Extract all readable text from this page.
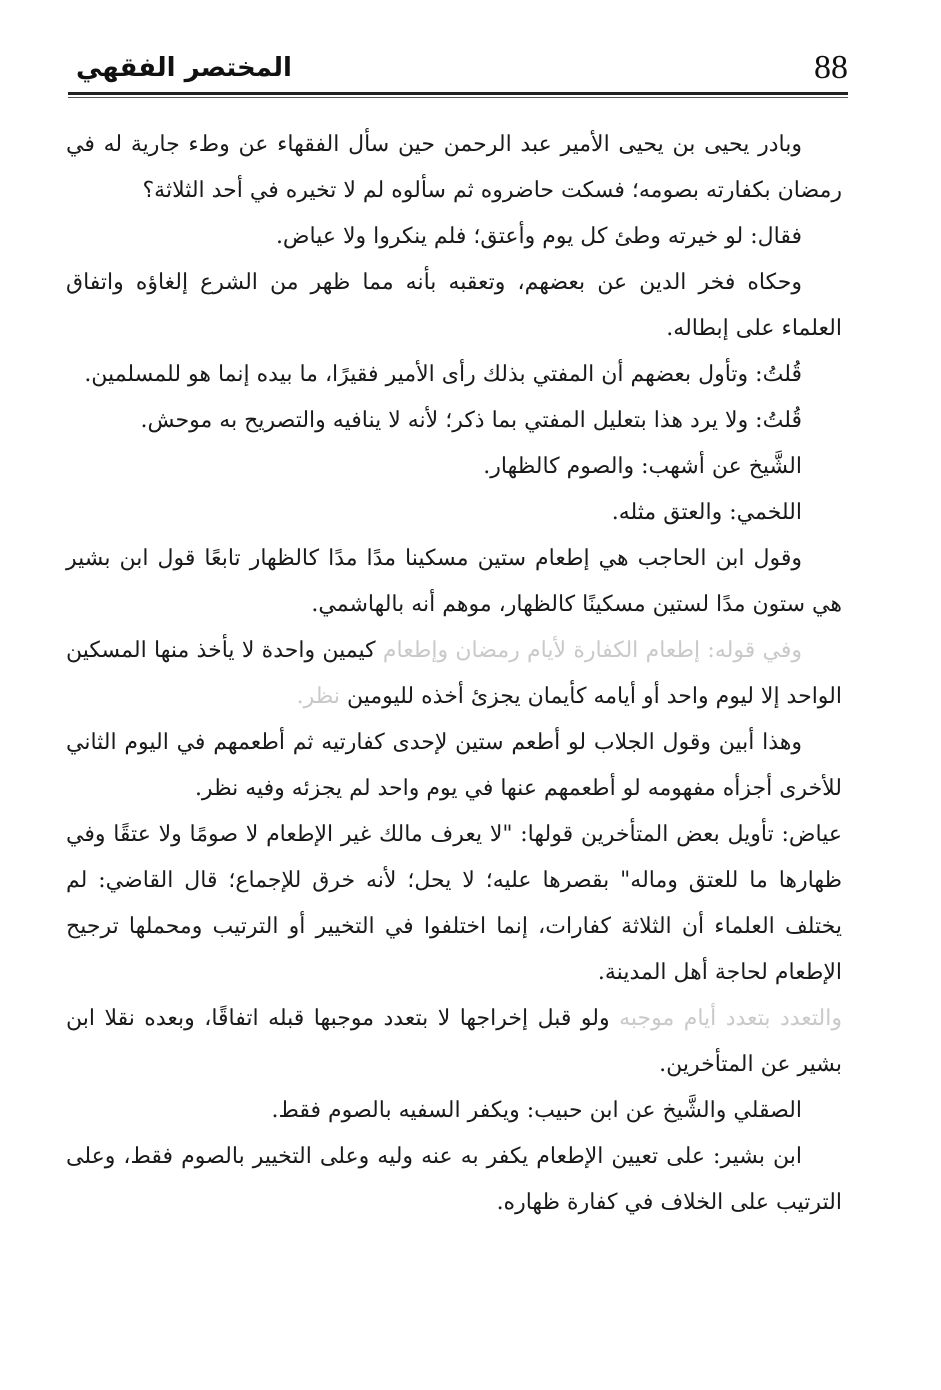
المختصر الفقهي	88

وبادر يحيى بن يحيى الأمير عبد الرحمن حين سأل الفقهاء عن وطء جارية له في رمضان بكفارته بصومه؛ فسكت حاضروه ثم سألوه لم لا تخيره في أحد الثلاثة؟

فقال: لو خيرته وطئ كل يوم وأعتق؛ فلم ينكروا ولا عياض.

وحكاه فخر الدين عن بعضهم، وتعقبه بأنه مما ظهر من الشرع إلغاؤه واتفاق العلماء على إبطاله.

قُلتُ: وتأول بعضهم أن المفتي بذلك رأى الأمير فقيرًا، ما بيده إنما هو للمسلمين.

قُلتُ: ولا يرد هذا بتعليل المفتي بما ذكر؛ لأنه لا ينافيه والتصريح به موحش.

الشَّيخ عن أشهب: والصوم كالظهار.

اللخمي: والعتق مثله.

وقول ابن الحاجب هي إطعام ستين مسكينا مدًا مدًا كالظهار تابعًا قول ابن بشير هي ستون مدًا لستين مسكينًا كالظهار، موهم أنه بالهاشمي.

وفي قوله: إطعام الكفارة لأيام رمضان وإطعام كيمين واحدة لا يأخذ منها المسكين الواحد إلا ليوم واحد أو أيامه كأيمان يجزئ أخذه لليومين نظر.

وهذا أبين وقول الجلاب لو أطعم ستين لإحدى كفارتيه ثم أطعمهم في اليوم الثاني للأخرى أجزأه مفهومه لو أطعمهم عنها في يوم واحد لم يجزئه وفيه نظر.

عياض: تأويل بعض المتأخرين قولها: "لا يعرف مالك غير الإطعام لا صومًا ولا عتقًا وفي ظهارها ما للعتق وماله" بقصرها عليه؛ لا يحل؛ لأنه خرق للإجماع؛ قال القاضي: لم يختلف العلماء أن الثلاثة كفارات، إنما اختلفوا في التخيير أو الترتيب ومحملها ترجيح الإطعام لحاجة أهل المدينة.

والتعدد بتعدد أيام موجبه ولو قبل إخراجها لا بتعدد موجبها قبله اتفاقًا، وبعده نقلا ابن بشير عن المتأخرين.

الصقلي والشَّيخ عن ابن حبيب: ويكفر السفيه بالصوم فقط.

ابن بشير: على تعيين الإطعام يكفر به عنه وليه وعلى التخيير بالصوم فقط، وعلى الترتيب على الخلاف في كفارة ظهاره.
